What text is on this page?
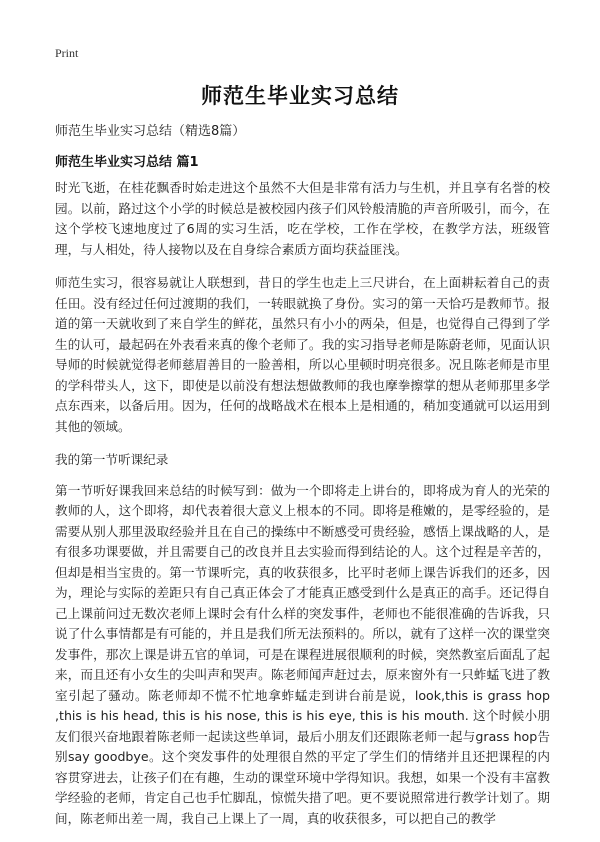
Print
师范生毕业实习总结
师范生毕业实习总结（精选8篇）
师范生毕业实习总结 篇1

时光飞逝，在桂花飘香时始走进这个虽然不大但是非常有活力与生机，并且享有名誉的校园。以前，路过这个小学的时候总是被校园内孩子们风铃般清脆的声音所吸引，而今，在这个学校飞速地度过了6周的实习生活，吃在学校，工作在学校，在教学方法，班级管理，与人相处，待人接物以及在自身综合素质方面均获益匪浅。

师范生实习，很容易就让人联想到，昔日的学生也走上三尺讲台，在上面耕耘着自己的责任田。没有经过任何过渡期的我们，一转眼就换了身份。实习的第一天恰巧是教师节。报道的第一天就收到了来自学生的鲜花，虽然只有小小的两朵，但是，也觉得自己得到了学生的认可，最起码在外表看来真的像个老师了。我的实习指导老师是陈蔚老师，见面认识导师的时候就觉得老师慈眉善目的一脸善相，所以心里顿时明亮很多。况且陈老师是市里的学科带头人，这下，即使是以前没有想法想做教师的我也摩拳擦掌的想从老师那里多学点东西来，以备后用。因为，任何的战略战术在根本上是相通的，稍加变通就可以运用到其他的领域。

我的第一节听课纪录

第一节听好课我回来总结的时候写到：做为一个即将走上讲台的，即将成为育人的光荣的教师的人，这个即将，却代表着很大意义上根本的不同。即将是稚嫩的，是零经验的，是需要从别人那里汲取经验并且在自己的操练中不断感受可贵经验，感悟上课战略的人，是有很多功课要做，并且需要自己的改良并且去实验而得到结论的人。这个过程是辛苦的，但却是相当宝贵的。第一节课听完，真的收获很多，比平时老师上课告诉我们的还多，因为，理论与实际的差距只有自己真正体会了才能真正感受到什么是真正的高手。还记得自己上课前问过无数次老师上课时会有什么样的突发事件，老师也不能很准确的告诉我，只说了什么事情都是有可能的，并且是我们所无法预料的。所以，就有了这样一次的课堂突发事件，那次上课是讲五官的单词，可是在课程进展很顺利的时候，突然教室后面乱了起来，而且还有小女生的尖叫声和哭声。陈老师闻声赶过去，原来窗外有一只蚱蜢飞进了教室引起了骚动。陈老师却不慌不忙地拿蚱蜢走到讲台前是说，look,this is grass hop ,this is his head, this is his nose, this is his eye, this is his mouth. 这个时候小朋友们很兴奋地跟着陈老师一起读这些单词，最后小朋友们还跟陈老师一起与grass hop告别say goodbye。这个突发事件的处理很自然的平定了学生们的情绪并且还把课程的内容贯穿进去，让孩子们在有趣，生动的课堂环境中学得知识。我想，如果一个没有丰富教学经验的老师，肯定自己也手忙脚乱，惊慌失措了吧。更不要说照常进行教学计划了。期间，陈老师出差一周，我自己上课上了一周，真的收获很多，可以把自己的教学
